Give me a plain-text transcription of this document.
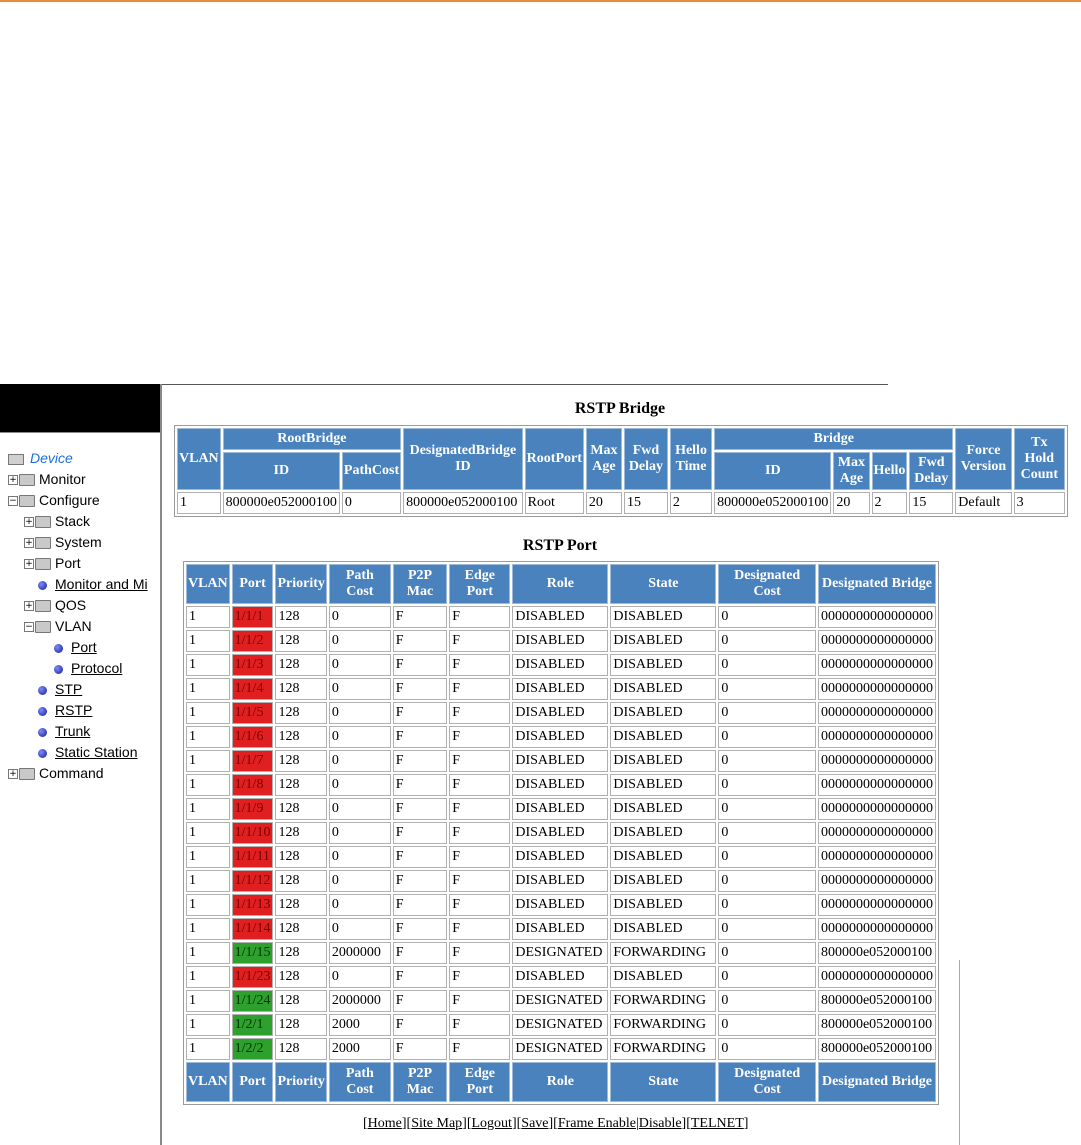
Device
+ Monitor
− Configure
+ Stack
+ System
+ Port
Monitor and Mi
+ QOS
− VLAN
Port
Protocol
STP
RSTP
Trunk
Static Station
+ Command
RSTP Bridge
VLAN	RootBridge		DesignatedBridge ID	RootPort	Max Age	Fwd Delay	Hello Time	Bridge				Force Version	Tx Hold Count
	ID	PathCost						ID	Max Age	Hello	Fwd Delay		
1	800000e052000100	0	800000e052000100	Root	20	15	2	800000e052000100	20	2	15	Default	3
RSTP Port
VLAN	Port	Priority	Path Cost	P2P Mac	Edge Port	Role	State	Designated Cost	Designated Bridge
1	1/1/1	128	0	F	F	DISABLED	DISABLED	0	0000000000000000
1	1/1/2	128	0	F	F	DISABLED	DISABLED	0	0000000000000000
1	1/1/3	128	0	F	F	DISABLED	DISABLED	0	0000000000000000
1	1/1/4	128	0	F	F	DISABLED	DISABLED	0	0000000000000000
1	1/1/5	128	0	F	F	DISABLED	DISABLED	0	0000000000000000
1	1/1/6	128	0	F	F	DISABLED	DISABLED	0	0000000000000000
1	1/1/7	128	0	F	F	DISABLED	DISABLED	0	0000000000000000
1	1/1/8	128	0	F	F	DISABLED	DISABLED	0	0000000000000000
1	1/1/9	128	0	F	F	DISABLED	DISABLED	0	0000000000000000
1	1/1/10	128	0	F	F	DISABLED	DISABLED	0	0000000000000000
1	1/1/11	128	0	F	F	DISABLED	DISABLED	0	0000000000000000
1	1/1/12	128	0	F	F	DISABLED	DISABLED	0	0000000000000000
1	1/1/13	128	0	F	F	DISABLED	DISABLED	0	0000000000000000
1	1/1/14	128	0	F	F	DISABLED	DISABLED	0	0000000000000000
1	1/1/15	128	2000000	F	F	DESIGNATED	FORWARDING	0	800000e052000100
1	1/1/23	128	0	F	F	DISABLED	DISABLED	0	0000000000000000
1	1/1/24	128	2000000	F	F	DESIGNATED	FORWARDING	0	800000e052000100
1	1/2/1	128	2000	F	F	DESIGNATED	FORWARDING	0	800000e052000100
1	1/2/2	128	2000	F	F	DESIGNATED	FORWARDING	0	800000e052000100
VLAN	Port	Priority	Path Cost	P2P Mac	Edge Port	Role	State	Designated Cost	Designated Bridge
[Home][Site Map][Logout][Save][Frame Enable|Disable][TELNET]
